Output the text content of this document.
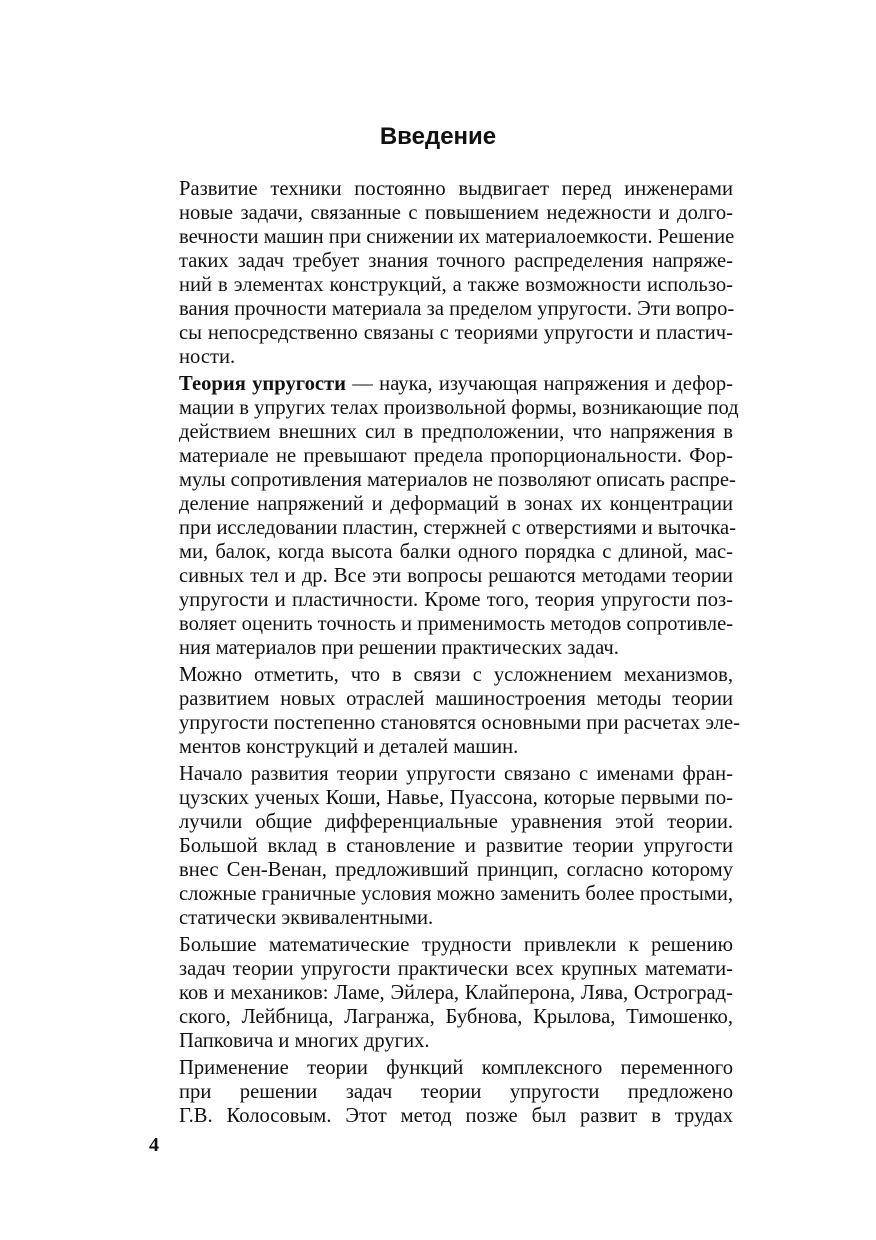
Введение

Развитие техники постоянно выдвигает перед инженерами
новые задачи, связанные с повышением недежности и долго-
вечности машин при снижении их материалоемкости. Решение
таких задач требует знания точного распределения напряже-
ний в элементах конструкций, а также возможности использо-
вания прочности материала за пределом упругости. Эти вопро-
сы непосредственно связаны с теориями упругости и пластич-
ности.

Теория упругости — наука, изучающая напряжения и дефор-
мации в упругих телах произвольной формы, возникающие под
действием внешних сил в предположении, что напряжения в
материале не превышают предела пропорциональности. Фор-
мулы сопротивления материалов не позволяют описать распре-
деление напряжений и деформаций в зонах их концентрации
при исследовании пластин, стержней с отверстиями и выточка-
ми, балок, когда высота балки одного порядка с длиной, мас-
сивных тел и др. Все эти вопросы решаются методами теории
упругости и пластичности. Кроме того, теория упругости поз-
воляет оценить точность и применимость методов сопротивле-
ния материалов при решении практических задач.

Можно отметить, что в связи с усложнением механизмов,
развитием новых отраслей машиностроения методы теории
упругости постепенно становятся основными при расчетах эле-
ментов конструкций и деталей машин.

Начало развития теории упругости связано с именами фран-
цузских ученых Коши, Навье, Пуассона, которые первыми по-
лучили общие дифференциальные уравнения этой теории.
Большой вклад в становление и развитие теории упругости
внес Сен-Венан, предложивший принцип, согласно которому
сложные граничные условия можно заменить более простыми,
статически эквивалентными.

Большие математические трудности привлекли к решению
задач теории упругости практически всех крупных математи-
ков и механиков: Ламе, Эйлера, Клайперона, Лява, Остроград-
ского, Лейбница, Лагранжа, Бубнова, Крылова, Тимошенко,
Папковича и многих других.

Применение теории функций комплексного переменного
при решении задач теории упругости предложено
Г.В. Колосовым. Этот метод позже был развит в трудах

4
